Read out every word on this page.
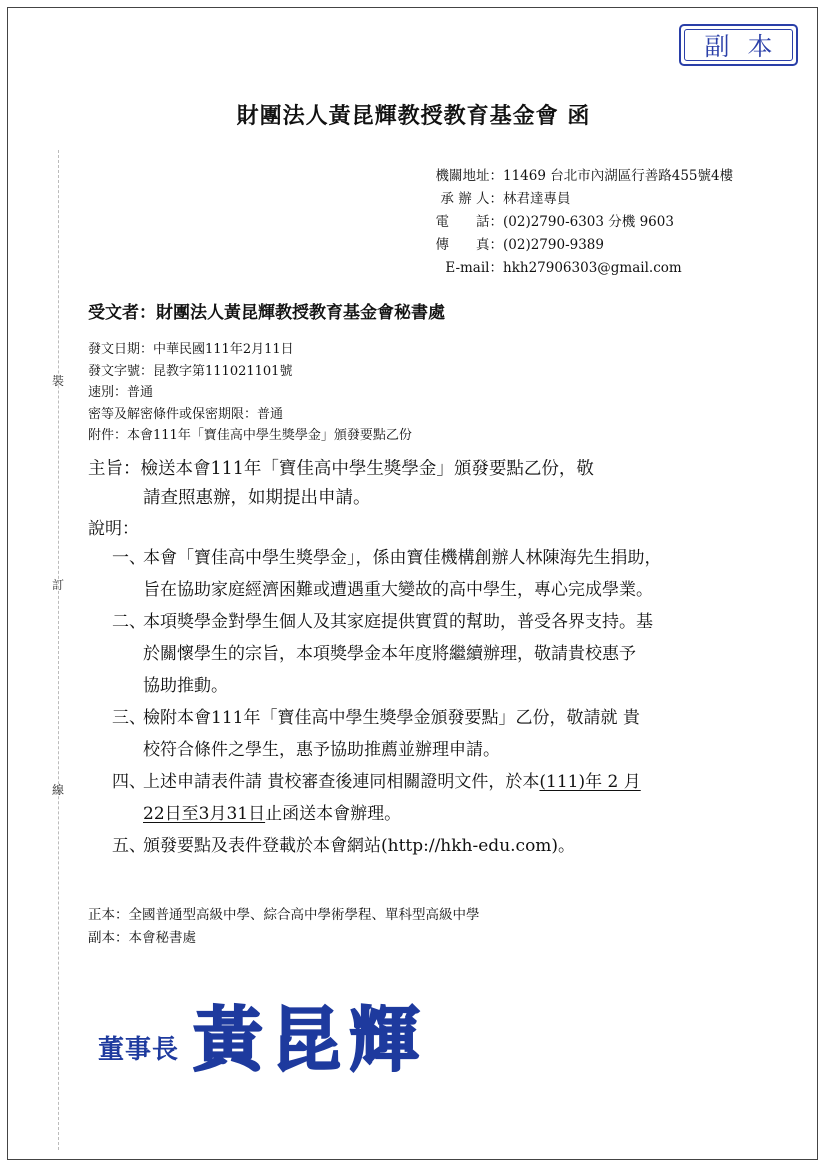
裝
訂
線
副本
財團法人黃昆輝教授教育基金會 函
機關地址： 11469 台北市內湖區行善路455號4樓
承 辦 人： 林君達專員
電　　話： (02)2790-6303 分機 9603
傳　　真： (02)2790-9389
E-mail： hkh27906303@gmail.com
受文者：財團法人黃昆輝教授教育基金會秘書處
發文日期：中華民國111年2月11日
發文字號：昆教字第111021101號
速別：普通
密等及解密條件或保密期限：普通
附件：本會111年「寶佳高中學生獎學金」頒發要點乙份
主旨：檢送本會111年「寶佳高中學生獎學金」頒發要點乙份，敬
請查照惠辦，如期提出申請。
說明：
一、
本會「寶佳高中學生獎學金」，係由寶佳機構創辦人林陳海先生捐助，
旨在協助家庭經濟困難或遭遇重大變故的高中學生，專心完成學業。
二、
本項獎學金對學生個人及其家庭提供實質的幫助，普受各界支持。基
於關懷學生的宗旨，本項獎學金本年度將繼續辦理，敬請貴校惠予
協助推動。
三、
檢附本會111年「寶佳高中學生獎學金頒發要點」乙份，敬請就 貴
校符合條件之學生，惠予協助推薦並辦理申請。
四、
上述申請表件請 貴校審查後連同相關證明文件，於本(111)年 2 月
22日至3月31日止函送本會辦理。
五、
頒發要點及表件登載於本會網站(http://hkh-edu.com)。
正本：全國普通型高級中學、綜合高中學術學程、單科型高級中學
副本：本會秘書處
董事長 黃昆輝
